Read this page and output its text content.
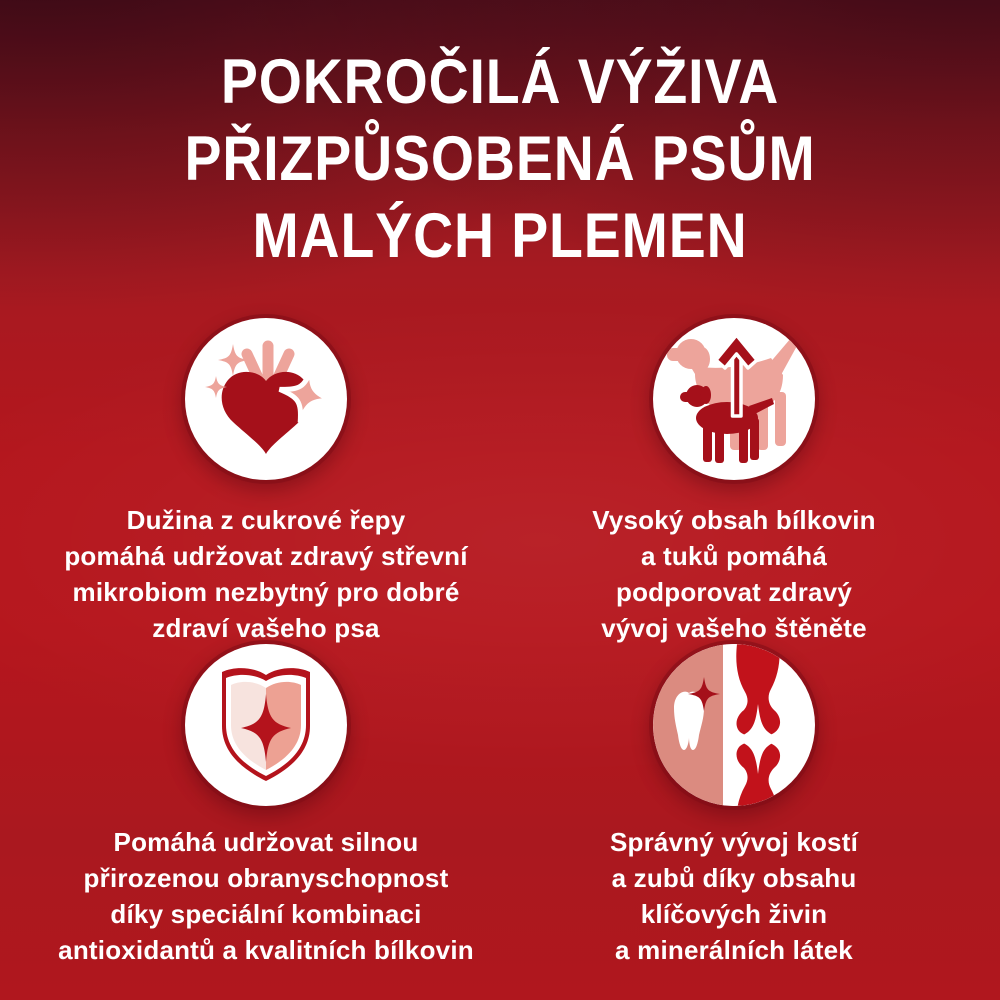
POKROČILÁ VÝŽIVA
PŘIZPŮSOBENÁ PSŮM
MALÝCH PLEMEN
Dužina z cukrové řepy
pomáhá udržovat zdravý střevní
mikrobiom nezbytný pro dobré
zdraví vašeho psa
Vysoký obsah bílkovin
a tuků pomáhá
podporovat zdravý
vývoj vašeho štěněte
Pomáhá udržovat silnou
přirozenou obranyschopnost
díky speciální kombinaci
antioxidantů a kvalitních bílkovin
Správný vývoj kostí
a zubů díky obsahu
klíčových živin
a minerálních látek
